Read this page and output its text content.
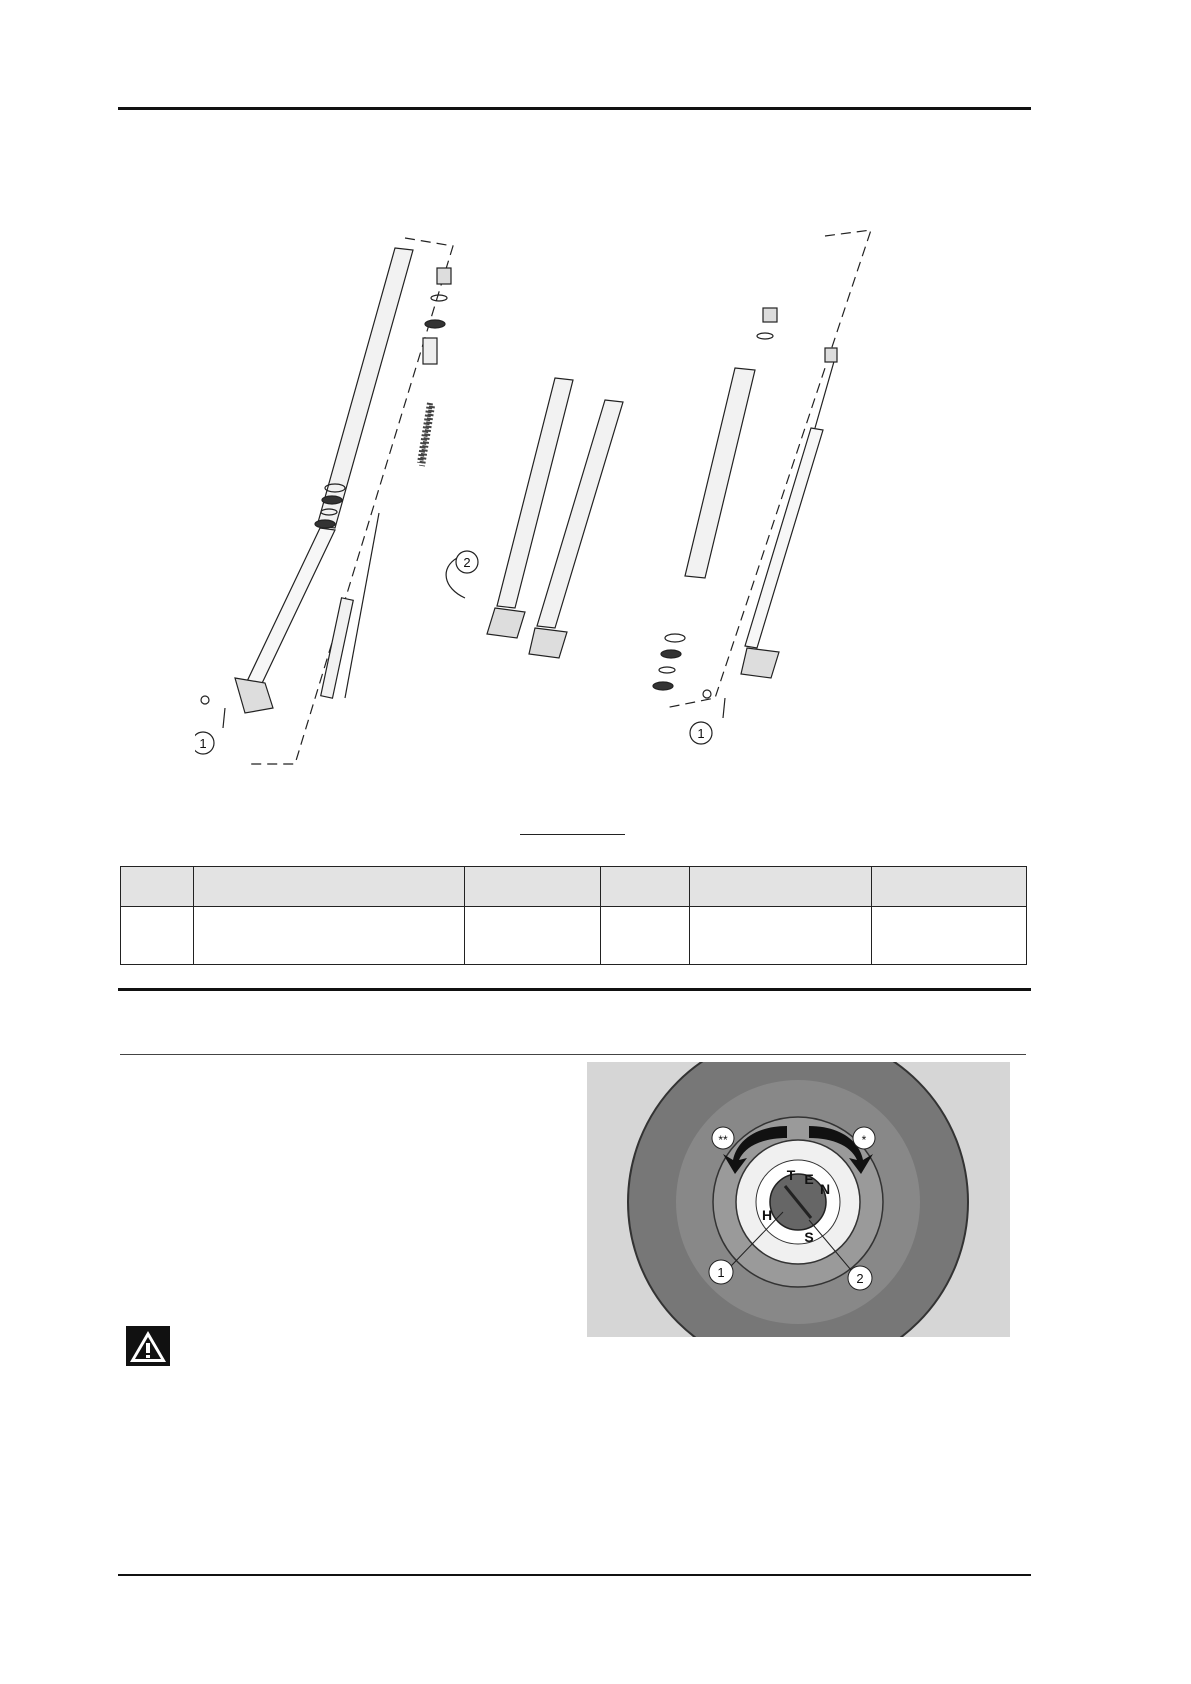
1
2
1

**	*
T E
N
H
S
1	2
